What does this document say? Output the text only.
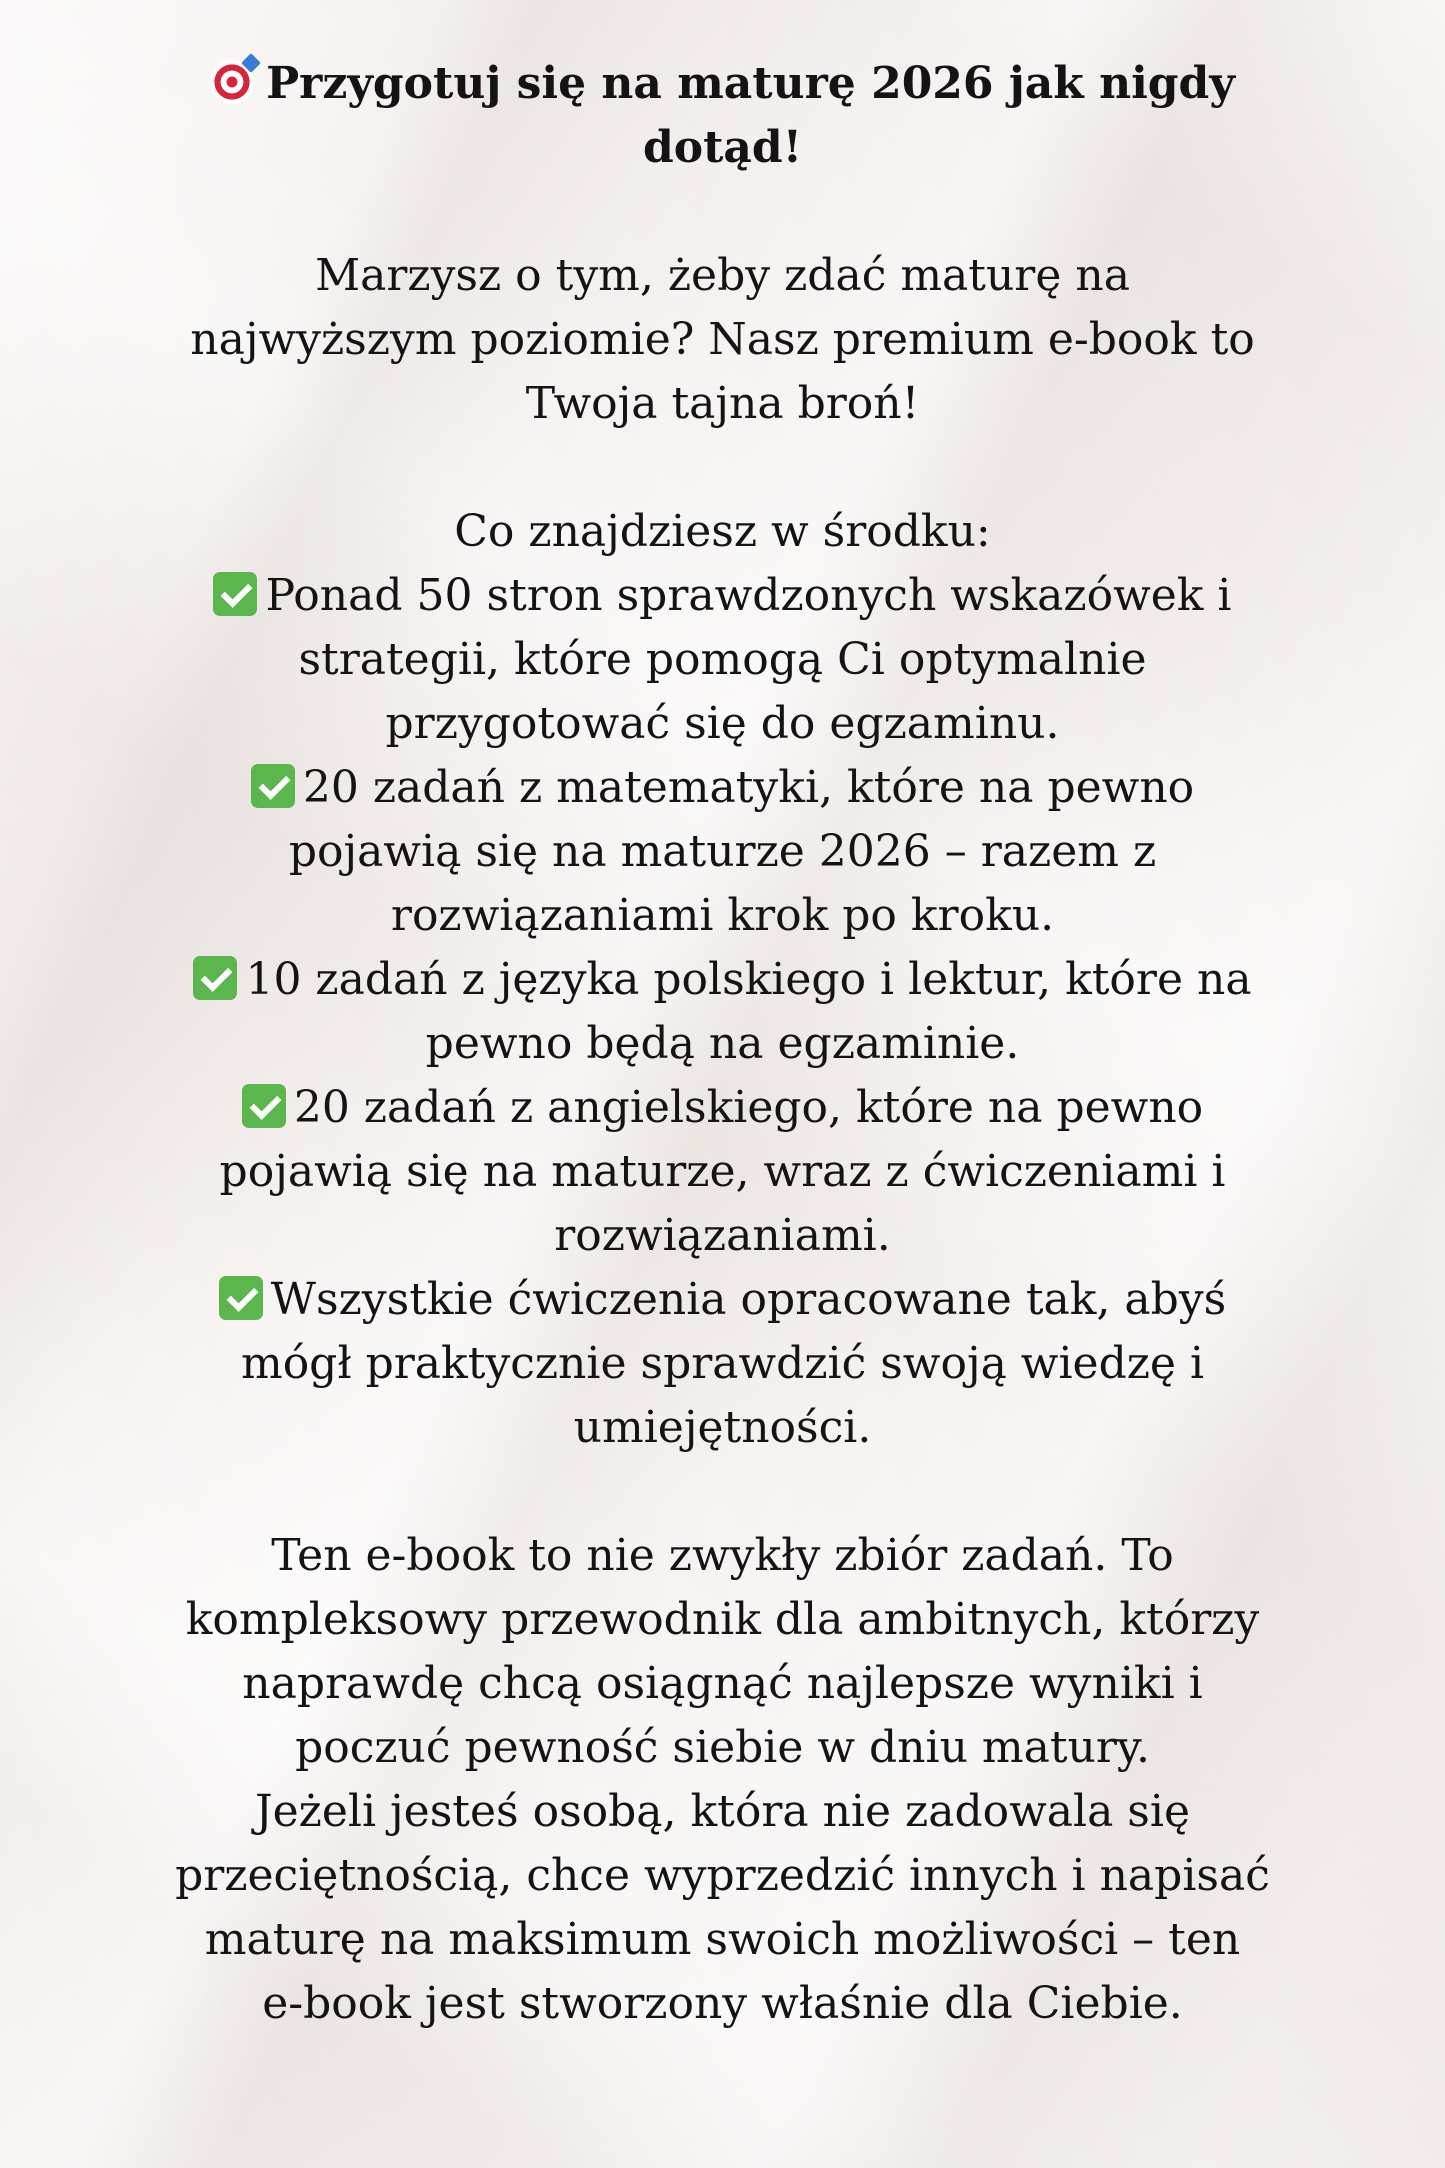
Przygotuj się na maturę 2026 jak nigdy
dotąd!

Marzysz o tym, żeby zdać maturę na
najwyższym poziomie? Nasz premium e-book to
Twoja tajna broń!

Co znajdziesz w środku:
Ponad 50 stron sprawdzonych wskazówek i
strategii, które pomogą Ci optymalnie
przygotować się do egzaminu.
20 zadań z matematyki, które na pewno
pojawią się na maturze 2026 – razem z
rozwiązaniami krok po kroku.
10 zadań z języka polskiego i lektur, które na
pewno będą na egzaminie.
20 zadań z angielskiego, które na pewno
pojawią się na maturze, wraz z ćwiczeniami i
rozwiązaniami.
Wszystkie ćwiczenia opracowane tak, abyś
mógł praktycznie sprawdzić swoją wiedzę i
umiejętności.

Ten e-book to nie zwykły zbiór zadań. To
kompleksowy przewodnik dla ambitnych, którzy
naprawdę chcą osiągnąć najlepsze wyniki i
poczuć pewność siebie w dniu matury.
Jeżeli jesteś osobą, która nie zadowala się
przeciętnością, chce wyprzedzić innych i napisać
maturę na maksimum swoich możliwości – ten
e-book jest stworzony właśnie dla Ciebie.
